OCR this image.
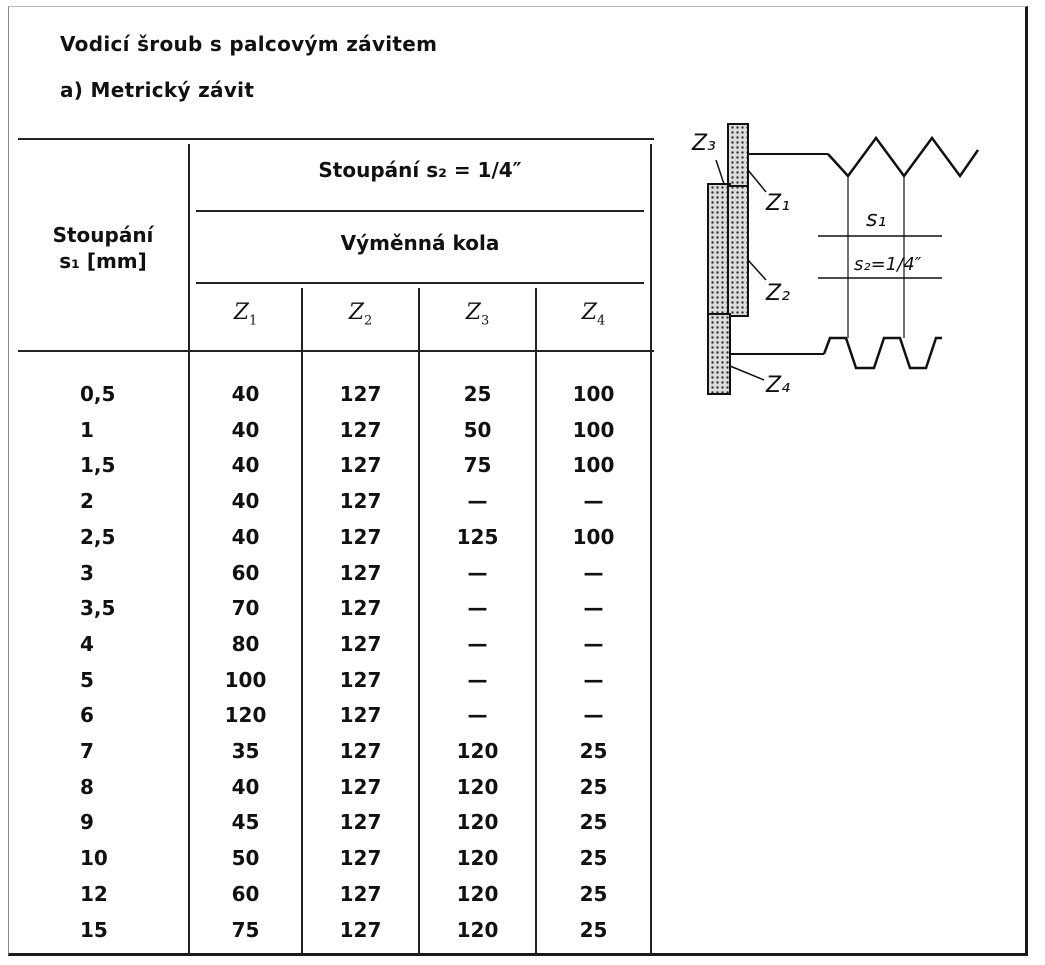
Vodicí šroub s palcovým závitem
a) Metrický závit
Stoupání
s₁ [mm]
Stoupání s₂ = 1/4″
Výměnná kola
$Z_1$	$Z_2$	$Z_3$	$Z_4$
0,5	40	127	25	100
1	40	127	50	100
1,5	40	127	75	100
2	40	127	—	—
2,5	40	127	125	100
3	60	127	—	—
3,5	70	127	—	—
4	80	127	—	—
5	100	127	—	—
6	120	127	—	—
7	35	127	120	25
8	40	127	120	25
9	45	127	120	25
10	50	127	120	25
12	60	127	120	25
15	75	127	120	25
Z₃
Z₁
Z₂
Z₄
s₁
s₂=1/4″
